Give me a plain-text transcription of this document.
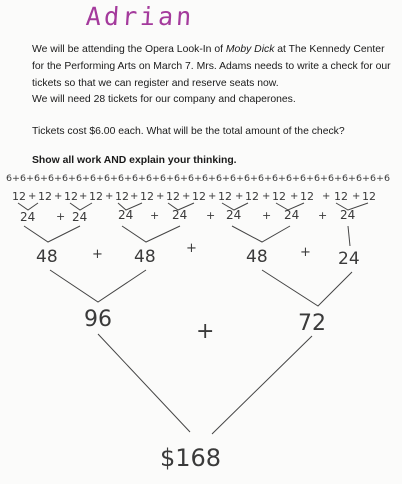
Adrian
We will be attending the Opera Look-In of Moby Dick at The Kennedy Center for the Performing Arts on March 7. Mrs. Adams needs to write a check for our tickets so that we can register and reserve seats now.
We will need 28 tickets for our company and chaperones.
Tickets cost $6.00 each. What will be the total amount of the check?
Show all work AND explain your thinking.
6+6+6+6+6+6+6+6+6+6+6+6+6+6+6+6+6+6+6+6+6+6+6+6+6+6+6+6
12 12 12 12 12 12 12 12 12 12 12 12 12 12
+ + + + + + + + + + + + +
24	24	24	24	24	24	24
+	+	+	+	+
48	48	48	24
+	+	+
96	72
+
$168
